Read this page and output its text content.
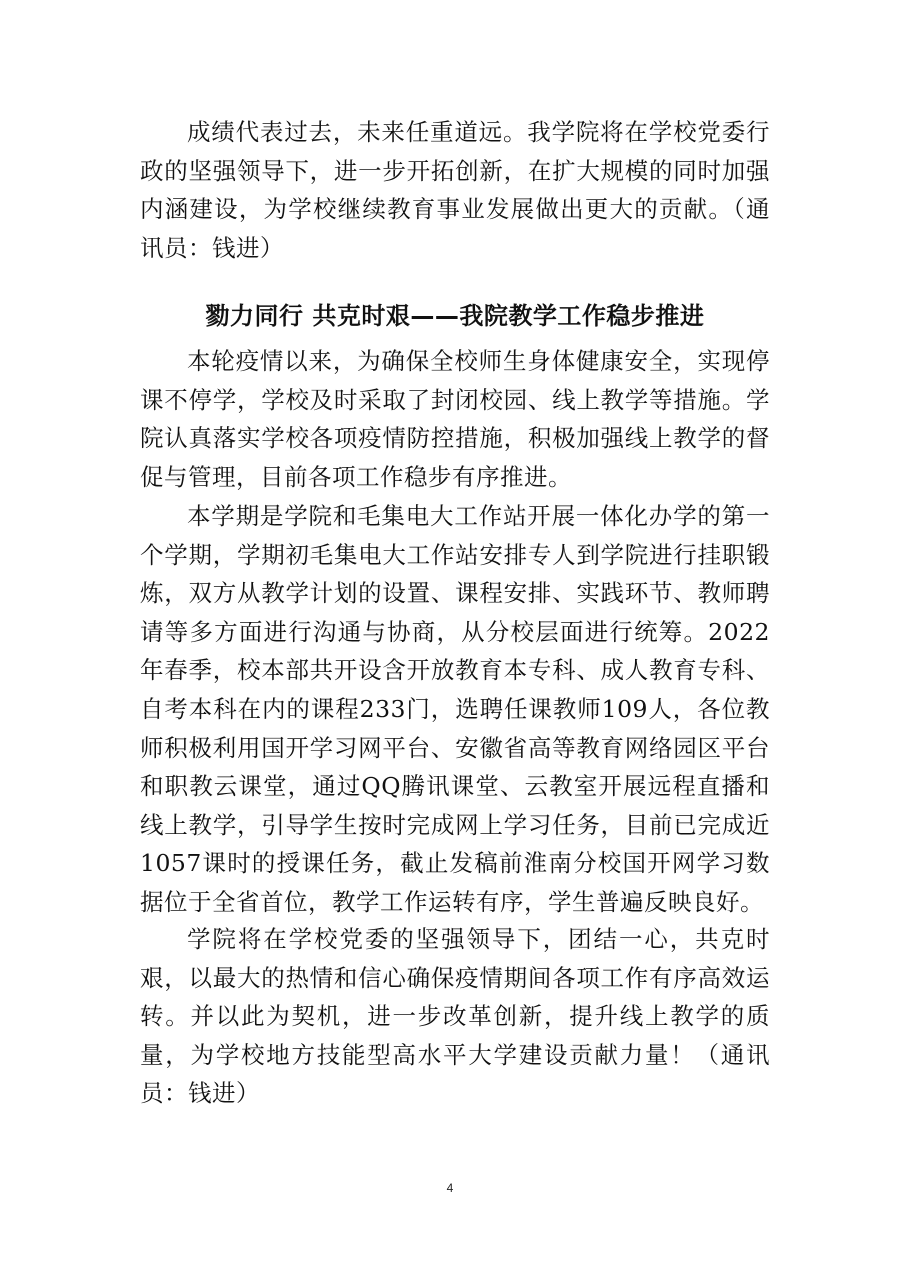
成绩代表过去，未来任重道远。我学院将在学校党委行政的坚强领导下，进一步开拓创新，在扩大规模的同时加强内涵建设，为学校继续教育事业发展做出更大的贡献。（通讯员：钱进）

勠力同行 共克时艰——我院教学工作稳步推进

本轮疫情以来，为确保全校师生身体健康安全，实现停课不停学，学校及时采取了封闭校园、线上教学等措施。学院认真落实学校各项疫情防控措施，积极加强线上教学的督促与管理，目前各项工作稳步有序推进。

本学期是学院和毛集电大工作站开展一体化办学的第一个学期，学期初毛集电大工作站安排专人到学院进行挂职锻炼，双方从教学计划的设置、课程安排、实践环节、教师聘请等多方面进行沟通与协商，从分校层面进行统筹。2022年春季，校本部共开设含开放教育本专科、成人教育专科、自考本科在内的课程233门，选聘任课教师109人，各位教师积极利用国开学习网平台、安徽省高等教育网络园区平台和职教云课堂，通过QQ腾讯课堂、云教室开展远程直播和线上教学，引导学生按时完成网上学习任务，目前已完成近1057课时的授课任务，截止发稿前淮南分校国开网学习数据位于全省首位，教学工作运转有序，学生普遍反映良好。

学院将在学校党委的坚强领导下，团结一心，共克时艰，以最大的热情和信心确保疫情期间各项工作有序高效运转。并以此为契机，进一步改革创新，提升线上教学的质量，为学校地方技能型高水平大学建设贡献力量！（通讯员：钱进）

4
